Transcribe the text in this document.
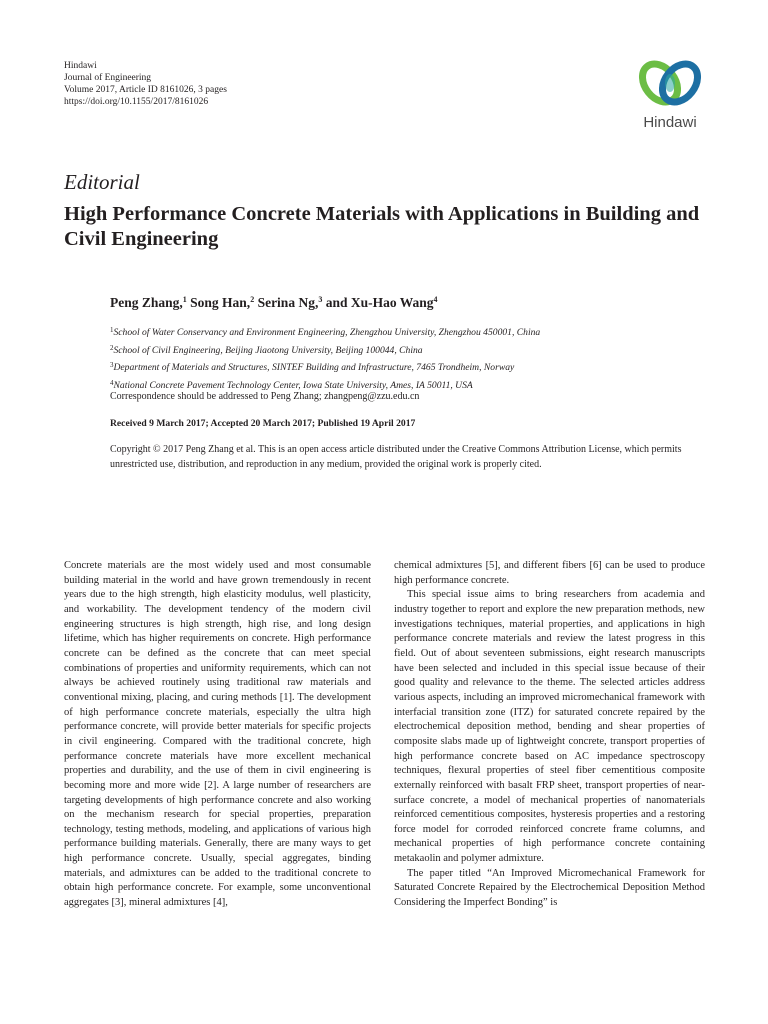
Hindawi
Journal of Engineering
Volume 2017, Article ID 8161026, 3 pages
https://doi.org/10.1155/2017/8161026
Hindawi
Editorial
High Performance Concrete Materials with Applications in Building and Civil Engineering
Peng Zhang,$^1$ Song Han,$^2$ Serina Ng,$^3$ and Xu-Hao Wang$^4$
$^1$School of Water Conservancy and Environment Engineering, Zhengzhou University, Zhengzhou 450001, China
$^2$School of Civil Engineering, Beijing Jiaotong University, Beijing 100044, China
$^3$Department of Materials and Structures, SINTEF Building and Infrastructure, 7465 Trondheim, Norway
$^4$National Concrete Pavement Technology Center, Iowa State University, Ames, IA 50011, USA
Correspondence should be addressed to Peng Zhang; zhangpeng@zzu.edu.cn
Received 9 March 2017; Accepted 20 March 2017; Published 19 April 2017

Copyright © 2017 Peng Zhang et al. This is an open access article distributed under the Creative Commons Attribution License, which permits unrestricted use, distribution, and reproduction in any medium, provided the original work is properly cited.

Concrete materials are the most widely used and most consumable building material in the world and have grown tremendously in recent years due to the high strength, high elasticity modulus, well plasticity, and workability. The development tendency of the modern civil engineering structures is high strength, high rise, and long design lifetime, which has higher requirements on concrete. High performance concrete can be defined as the concrete that can meet special combinations of properties and uniformity requirements, which can not always be achieved routinely using traditional raw materials and conventional mixing, placing, and curing methods [1]. The development of high performance concrete materials, especially the ultra high performance concrete, will provide better materials for specific projects in civil engineering. Compared with the traditional concrete, high performance concrete materials have more excellent mechanical properties and durability, and the use of them in civil engineering is becoming more and more wide [2]. A large number of researchers are targeting developments of high performance concrete and also working on the mechanism research for special properties, preparation technology, testing methods, modeling, and applications of various high performance building materials. Generally, there are many ways to get high performance concrete. Usually, special aggregates, binding materials, and admixtures can be added to the traditional concrete to obtain high performance concrete. For example, some unconventional aggregates [3], mineral admixtures [4],

chemical admixtures [5], and different fibers [6] can be used to produce high performance concrete.

This special issue aims to bring researchers from academia and industry together to report and explore the new preparation methods, new investigations techniques, material properties, and applications in high performance concrete materials and review the latest progress in this field. Out of about seventeen submissions, eight research manuscripts have been selected and included in this special issue because of their good quality and relevance to the theme. The selected articles address various aspects, including an improved micromechanical framework with interfacial transition zone (ITZ) for saturated concrete repaired by the electrochemical deposition method, bending and shear properties of composite slabs made up of lightweight concrete, transport properties of high performance concrete based on AC impedance spectroscopy techniques, flexural properties of steel fiber cementitious composite externally reinforced with basalt FRP sheet, transport properties of near-surface concrete, a model of mechanical properties of nanomaterials reinforced cementitious composites, hysteresis properties and a restoring force model for corroded reinforced concrete frame columns, and mechanical properties of high performance concrete containing metakaolin and polymer admixture.

The paper titled “An Improved Micromechanical Framework for Saturated Concrete Repaired by the Electrochemical Deposition Method Considering the Imperfect Bonding” is
